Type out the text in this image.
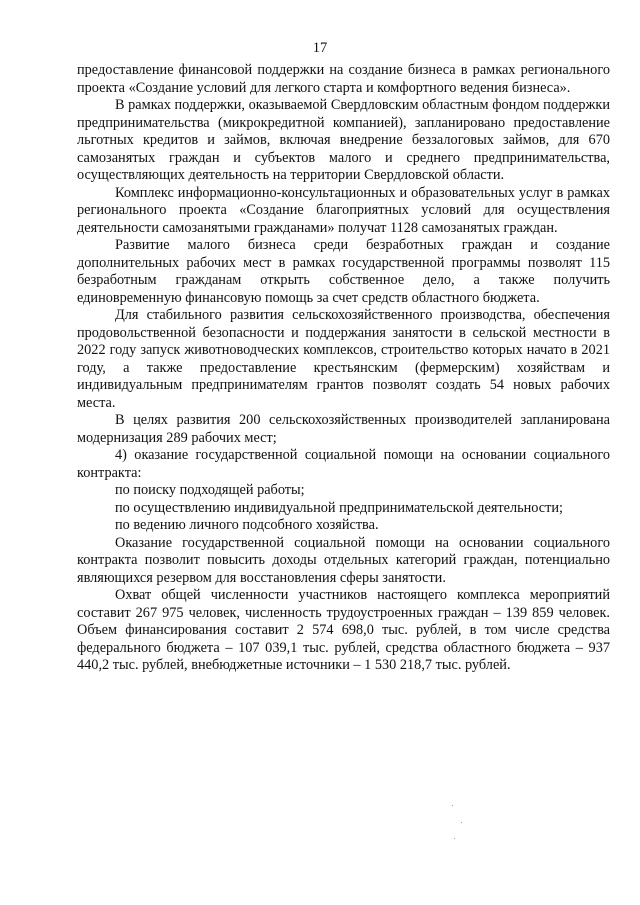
17

предоставление финансовой поддержки на создание бизнеса в рамках регионального проекта «Создание условий для легкого старта и комфортного ведения бизнеса».

В рамках поддержки, оказываемой Свердловским областным фондом поддержки предпринимательства (микрокредитной компанией), запланировано предоставление льготных кредитов и займов, включая внедрение беззалоговых займов, для 670 самозанятых граждан и субъектов малого и среднего предпринимательства, осуществляющих деятельность на территории Свердловской области.

Комплекс информационно-консультационных и образовательных услуг в рамках регионального проекта «Создание благоприятных условий для осуществления деятельности самозанятыми гражданами» получат 1128 самозанятых граждан.

Развитие малого бизнеса среди безработных граждан и создание дополнительных рабочих мест в рамках государственной программы позволят 115 безработным гражданам открыть собственное дело, а также получить единовременную финансовую помощь за счет средств областного бюджета.

Для стабильного развития сельскохозяйственного производства, обеспечения продовольственной безопасности и поддержания занятости в сельской местности в 2022 году запуск животноводческих комплексов, строительство которых начато в 2021 году, а также предоставление крестьянским (фермерским) хозяйствам и индивидуальным предпринимателям грантов позволят создать 54 новых рабочих места.

В целях развития 200 сельскохозяйственных производителей запланирована модернизация 289 рабочих мест;

4) оказание государственной социальной помощи на основании социального контракта:

по поиску подходящей работы;

по осуществлению индивидуальной предпринимательской деятельности;

по ведению личного подсобного хозяйства.

Оказание государственной социальной помощи на основании социального контракта позволит повысить доходы отдельных категорий граждан, потенциально являющихся резервом для восстановления сферы занятости.

Охват общей численности участников настоящего комплекса мероприятий составит 267 975 человек, численность трудоустроенных граждан – 139 859 человек. Объем финансирования составит 2 574 698,0 тыс. рублей, в том числе средства федерального бюджета – 107 039,1 тыс. рублей, средства областного бюджета – 937 440,2 тыс. рублей, внебюджетные источники – 1 530 218,7 тыс. рублей.
